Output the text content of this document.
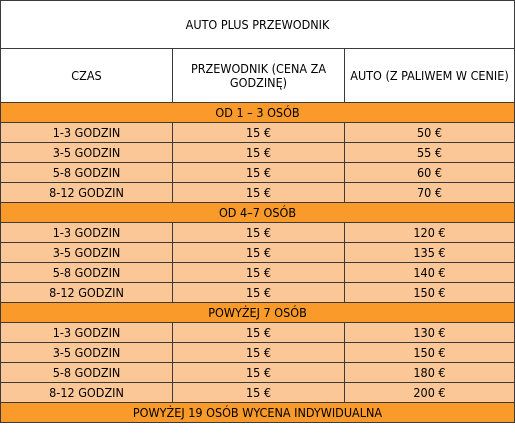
AUTO PLUS PRZEWODNIK		
CZAS	PRZEWODNIK (CENA ZA GODZINĘ)	AUTO (Z PALIWEM W CENIE)
OD 1 – 3 OSÓB		
1-3 GODZIN	15 €	50 €
3-5 GODZIN	15 €	55 €
5-8 GODZIN	15 €	60 €
8-12 GODZIN	15 €	70 €
OD 4–7 OSÓB		
1-3 GODZIN	15 €	120 €
3-5 GODZIN	15 €	135 €
5-8 GODZIN	15 €	140 €
8-12 GODZIN	15 €	150 €
POWYŻEJ 7 OSÓB		
1-3 GODZIN	15 €	130 €
3-5 GODZIN	15 €	150 €
5-8 GODZIN	15 €	180 €
8-12 GODZIN	15 €	200 €
POWYŻEJ 19 OSÓB WYCENA INDYWIDUALNA		
